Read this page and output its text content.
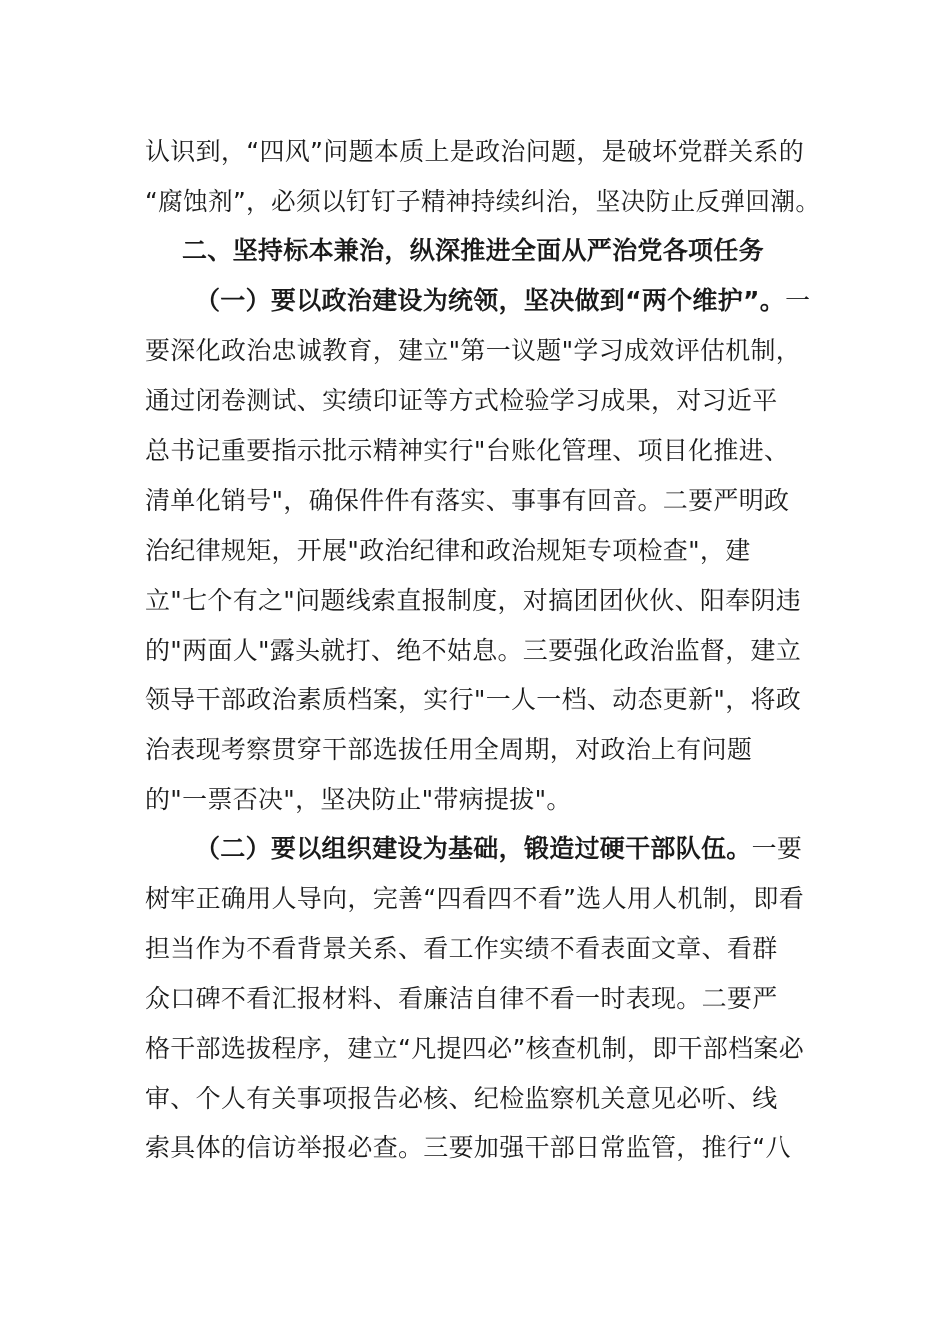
认识到，“四风”问题本质上是政治问题，是破坏党群关系的
“腐蚀剂”，必须以钉钉子精神持续纠治，坚决防止反弹回潮。
二、坚持标本兼治，纵深推进全面从严治党各项任务
（一）要以政治建设为统领，坚决做到“两个维护”。一
要深化政治忠诚教育，建立"第一议题"学习成效评估机制，
通过闭卷测试、实绩印证等方式检验学习成果，对习近平
总书记重要指示批示精神实行"台账化管理、项目化推进、
清单化销号"，确保件件有落实、事事有回音。二要严明政
治纪律规矩，开展"政治纪律和政治规矩专项检查"，建
立"七个有之"问题线索直报制度，对搞团团伙伙、阳奉阴违
的"两面人"露头就打、绝不姑息。三要强化政治监督，建立
领导干部政治素质档案，实行"一人一档、动态更新"，将政
治表现考察贯穿干部选拔任用全周期，对政治上有问题
的"一票否决"，坚决防止"带病提拔"。
（二）要以组织建设为基础，锻造过硬干部队伍。一要
树牢正确用人导向，完善“四看四不看”选人用人机制，即看
担当作为不看背景关系、看工作实绩不看表面文章、看群
众口碑不看汇报材料、看廉洁自律不看一时表现。二要严
格干部选拔程序，建立“凡提四必”核查机制，即干部档案必
审、个人有关事项报告必核、纪检监察机关意见必听、线
索具体的信访举报必查。三要加强干部日常监管，推行“八
